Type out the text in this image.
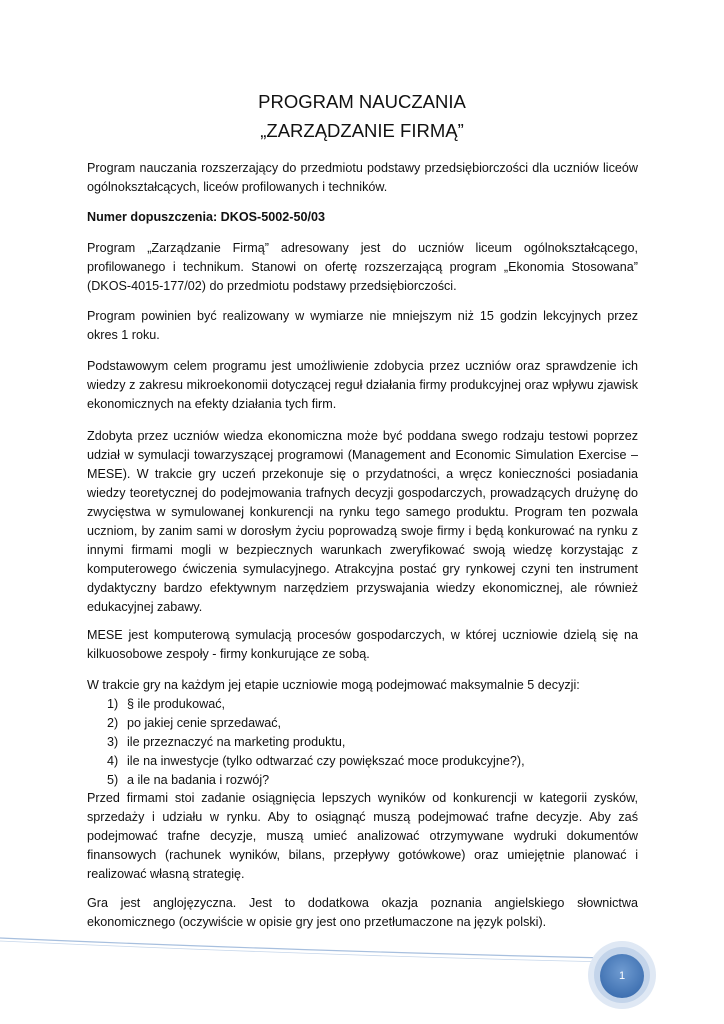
PROGRAM NAUCZANIA
„ZARZĄDZANIE FIRMĄ”
Program nauczania rozszerzający do przedmiotu podstawy przedsiębiorczości dla uczniów liceów ogólnokształcących, liceów profilowanych i techników.
Numer dopuszczenia: DKOS-5002-50/03
Program „Zarządzanie Firmą” adresowany jest do uczniów liceum ogólnokształcącego, profilowanego i technikum. Stanowi on ofertę rozszerzającą program „Ekonomia Stosowana” (DKOS-4015-177/02) do przedmiotu podstawy przedsiębiorczości.
Program powinien być realizowany w wymiarze nie mniejszym niż 15 godzin lekcyjnych przez okres 1 roku.
Podstawowym celem programu jest umożliwienie zdobycia przez uczniów oraz sprawdzenie ich wiedzy z zakresu mikroekonomii dotyczącej reguł działania firmy produkcyjnej oraz wpływu zjawisk ekonomicznych na efekty działania tych firm.
Zdobyta przez uczniów wiedza ekonomiczna może być poddana swego rodzaju testowi poprzez udział w symulacji towarzyszącej programowi (Management and Economic Simulation Exercise – MESE). W trakcie gry uczeń przekonuje się o przydatności, a wręcz konieczności posiadania wiedzy teoretycznej do podejmowania trafnych decyzji gospodarczych, prowadzących drużynę do zwycięstwa w symulowanej konkurencji na rynku tego samego produktu. Program ten pozwala uczniom, by zanim sami w dorosłym życiu poprowadzą swoje firmy i będą konkurować na rynku z innymi firmami mogli w bezpiecznych warunkach zweryfikować swoją wiedzę korzystając z komputerowego ćwiczenia symulacyjnego. Atrakcyjna postać gry rynkowej czyni ten instrument dydaktyczny bardzo efektywnym narzędziem przyswajania wiedzy ekonomicznej, ale również edukacyjnej zabawy.
MESE jest komputerową symulacją procesów gospodarczych, w której uczniowie dzielą się na kilkuosobowe zespoły - firmy konkurujące ze sobą.
W trakcie gry na każdym jej etapie uczniowie mogą podejmować maksymalnie 5 decyzji:
1) § ile produkować,
2) po jakiej cenie sprzedawać,
3) ile przeznaczyć na marketing produktu,
4) ile na inwestycje (tylko odtwarzać czy powiększać moce produkcyjne?),
5) a ile na badania i rozwój?
Przed firmami stoi zadanie osiągnięcia lepszych wyników od konkurencji w kategorii zysków, sprzedaży i udziału w rynku. Aby to osiągnąć muszą podejmować trafne decyzje. Aby zaś podejmować trafne decyzje, muszą umieć analizować otrzymywane wydruki dokumentów finansowych (rachunek wyników, bilans, przepływy gotówkowe) oraz umiejętnie planować i realizować własną strategię.
Gra jest anglojęzyczna. Jest to dodatkowa okazja poznania angielskiego słownictwa ekonomicznego (oczywiście w opisie gry jest ono przetłumaczone na język polski).
1
